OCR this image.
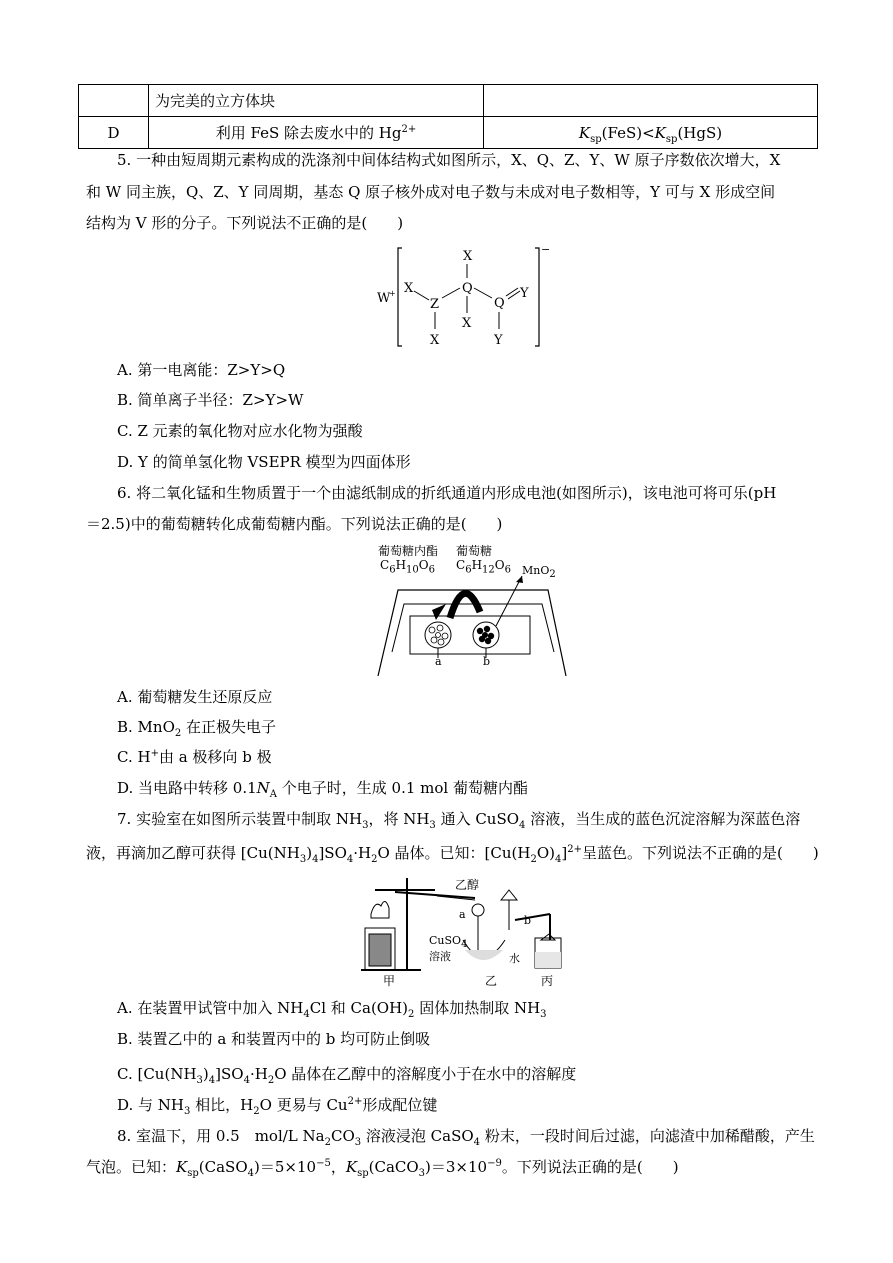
	为完美的立方体块	
D	利用 FeS 除去废水中的 $Hg^{2+}$	$K_{sp}(FeS)<K_{sp}(HgS)$
5. 一种由短周期元素构成的洗涤剂中间体结构式如图所示，X、Q、Z、Y、W 原子序数依次增大，X
和 W 同主族，Q、Z、Y 同周期，基态 Q 原子核外成对电子数与未成对电子数相等，Y 可与 X 形成空间
结构为 V 形的分子。下列说法不正确的是(　　)
W
+
−
X
X
Z
Q
Q
Y
X
X	Y
A. 第一电离能：Z>Y>Q
B. 简单离子半径：Z>Y>W
C. Z 元素的氧化物对应水化物为强酸
D. Y 的简单氢化物 VSEPR 模型为四面体形
6. 将二氧化锰和生物质置于一个由滤纸制成的折纸通道内形成电池(如图所示)，该电池可将可乐(pH
＝2.5)中的葡萄糖转化成葡萄糖内酯。下列说法正确的是(　　)
葡萄糖内酯
$C_6H_{10}O_6$
葡萄糖
$C_6H_{12}O_6$ MnO$_2$
a	b
A. 葡萄糖发生还原反应
B. MnO$_2$ 在正极失电子
C. H+由 a 极移向 b 极
D. 当电路中转移 $0.1N_A$ 个电子时，生成 0.1 mol 葡萄糖内酯
7. 实验室在如图所示装置中制取 $NH_3$，将 $NH_3$ 通入 CuSO$_4$ 溶液，当生成的蓝色沉淀溶解为深蓝色溶
液，再滴加乙醇可获得 $[Cu(NH_3)_4]SO_4\cdot H_2O$ 晶体。已知：$[Cu(H_2O)_4]^{2+}$呈蓝色。下列说法不正确的是(　　)
乙醇
a	b
CuSO$_4$
溶液	水
甲	乙	丙
A. 在装置甲试管中加入 $NH_4Cl$ 和 $Ca(OH)_2$ 固体加热制取 $NH_3$
B. 装置乙中的 a 和装置丙中的 b 均可防止倒吸
C. $[Cu(NH_3)_4]SO_4\cdot H_2O$ 晶体在乙醇中的溶解度小于在水中的溶解度
D. 与 $NH_3$ 相比，$H_2O$ 更易与 $Cu^{2+}$形成配位键
8. 室温下，用 0.5　mol/L $Na_2CO_3$ 溶液浸泡 CaSO$_4$ 粉末，一段时间后过滤，向滤渣中加稀醋酸，产生
气泡。已知：$K_{sp}(CaSO_4)=5\times 10^{-5}$，$K_{sp}(CaCO_3)=3\times 10^{-9}$。下列说法正确的是(　　)
